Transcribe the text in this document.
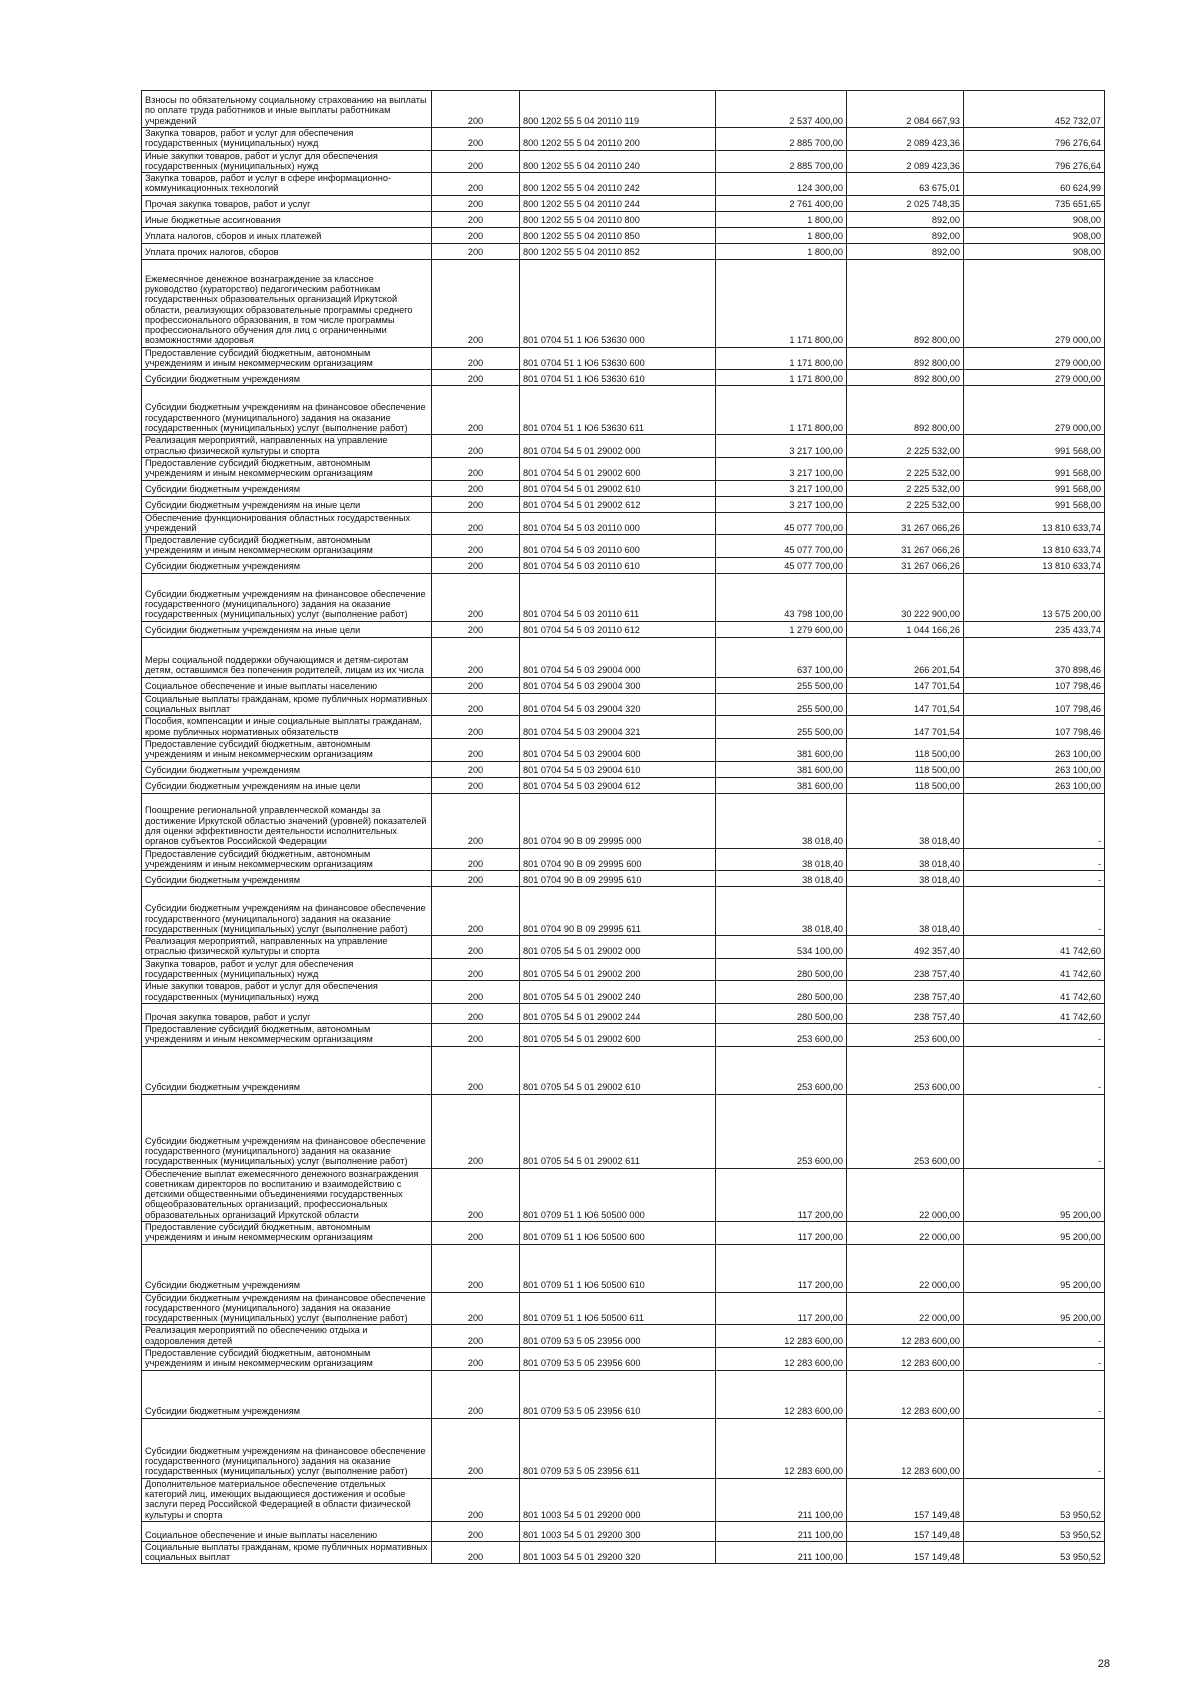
Взносы по обязательному социальному страхованию на выплаты по оплате труда работников и иные выплаты работникам учреждений	200	800 1202 55 5 04 20110 119	2 537 400,00	2 084 667,93	452 732,07
Закупка товаров, работ и услуг для обеспечения государственных (муниципальных) нужд	200	800 1202 55 5 04 20110 200	2 885 700,00	2 089 423,36	796 276,64
Иные закупки товаров, работ и услуг для обеспечения государственных (муниципальных) нужд	200	800 1202 55 5 04 20110 240	2 885 700,00	2 089 423,36	796 276,64
Закупка товаров, работ и услуг в сфере информационно-коммуникационных технологий	200	800 1202 55 5 04 20110 242	124 300,00	63 675,01	60 624,99
Прочая закупка товаров, работ и услуг	200	800 1202 55 5 04 20110 244	2 761 400,00	2 025 748,35	735 651,65
Иные бюджетные ассигнования	200	800 1202 55 5 04 20110 800	1 800,00	892,00	908,00
Уплата налогов, сборов и иных платежей	200	800 1202 55 5 04 20110 850	1 800,00	892,00	908,00
Уплата прочих налогов, сборов	200	800 1202 55 5 04 20110 852	1 800,00	892,00	908,00
Ежемесячное денежное вознаграждение за классное руководство (кураторство) педагогическим работникам государственных образовательных организаций Иркутской области, реализующих образовательные программы среднего профессионального образования, в том числе программы профессионального обучения для лиц с ограниченными возможностями здоровья	200	801 0704 51 1 Ю6 53630 000	1 171 800,00	892 800,00	279 000,00
Предоставление субсидий бюджетным, автономным учреждениям и иным некоммерческим организациям	200	801 0704 51 1 Ю6 53630 600	1 171 800,00	892 800,00	279 000,00
Субсидии бюджетным учреждениям	200	801 0704 51 1 Ю6 53630 610	1 171 800,00	892 800,00	279 000,00
Субсидии бюджетным учреждениям на финансовое обеспечение государственного (муниципального) задания на оказание государственных (муниципальных) услуг (выполнение работ)	200	801 0704 51 1 Ю6 53630 611	1 171 800,00	892 800,00	279 000,00
Реализация мероприятий, направленных на управление отраслью физической культуры и спорта	200	801 0704 54 5 01 29002 000	3 217 100,00	2 225 532,00	991 568,00
Предоставление субсидий бюджетным, автономным учреждениям и иным некоммерческим организациям	200	801 0704 54 5 01 29002 600	3 217 100,00	2 225 532,00	991 568,00
Субсидии бюджетным учреждениям	200	801 0704 54 5 01 29002 610	3 217 100,00	2 225 532,00	991 568,00
Субсидии бюджетным учреждениям на иные цели	200	801 0704 54 5 01 29002 612	3 217 100,00	2 225 532,00	991 568,00
Обеспечение функционирования областных государственных учреждений	200	801 0704 54 5 03 20110 000	45 077 700,00	31 267 066,26	13 810 633,74
Предоставление субсидий бюджетным, автономным учреждениям и иным некоммерческим организациям	200	801 0704 54 5 03 20110 600	45 077 700,00	31 267 066,26	13 810 633,74
Субсидии бюджетным учреждениям	200	801 0704 54 5 03 20110 610	45 077 700,00	31 267 066,26	13 810 633,74
Субсидии бюджетным учреждениям на финансовое обеспечение государственного (муниципального) задания на оказание государственных (муниципальных) услуг (выполнение работ)	200	801 0704 54 5 03 20110 611	43 798 100,00	30 222 900,00	13 575 200,00
Субсидии бюджетным учреждениям на иные цели	200	801 0704 54 5 03 20110 612	1 279 600,00	1 044 166,26	235 433,74
Меры социальной поддержки обучающимся и детям-сиротам детям, оставшимся без попечения родителей, лицам из их числа	200	801 0704 54 5 03 29004 000	637 100,00	266 201,54	370 898,46
Социальное обеспечение и иные выплаты населению	200	801 0704 54 5 03 29004 300	255 500,00	147 701,54	107 798,46
Социальные выплаты гражданам, кроме публичных нормативных социальных выплат	200	801 0704 54 5 03 29004 320	255 500,00	147 701,54	107 798,46
Пособия, компенсации и иные социальные выплаты гражданам, кроме публичных нормативных обязательств	200	801 0704 54 5 03 29004 321	255 500,00	147 701,54	107 798,46
Предоставление субсидий бюджетным, автономным учреждениям и иным некоммерческим организациям	200	801 0704 54 5 03 29004 600	381 600,00	118 500,00	263 100,00
Субсидии бюджетным учреждениям	200	801 0704 54 5 03 29004 610	381 600,00	118 500,00	263 100,00
Субсидии бюджетным учреждениям на иные цели	200	801 0704 54 5 03 29004 612	381 600,00	118 500,00	263 100,00
Поощрение региональной управленческой команды за достижение Иркутской областью значений (уровней) показателей для оценки эффективности деятельности исполнительных органов субъектов Российской Федерации	200	801 0704 90 В 09 29995 000	38 018,40	38 018,40	-
Предоставление субсидий бюджетным, автономным учреждениям и иным некоммерческим организациям	200	801 0704 90 В 09 29995 600	38 018,40	38 018,40	-
Субсидии бюджетным учреждениям	200	801 0704 90 В 09 29995 610	38 018,40	38 018,40	-
Субсидии бюджетным учреждениям на финансовое обеспечение государственного (муниципального) задания на оказание государственных (муниципальных) услуг (выполнение работ)	200	801 0704 90 В 09 29995 611	38 018,40	38 018,40	-
Реализация мероприятий, направленных на управление отраслью физической культуры и спорта	200	801 0705 54 5 01 29002 000	534 100,00	492 357,40	41 742,60
Закупка товаров, работ и услуг для обеспечения государственных (муниципальных) нужд	200	801 0705 54 5 01 29002 200	280 500,00	238 757,40	41 742,60
Иные закупки товаров, работ и услуг для обеспечения государственных (муниципальных) нужд	200	801 0705 54 5 01 29002 240	280 500,00	238 757,40	41 742,60
Прочая закупка товаров, работ и услуг	200	801 0705 54 5 01 29002 244	280 500,00	238 757,40	41 742,60
Предоставление субсидий бюджетным, автономным учреждениям и иным некоммерческим организациям	200	801 0705 54 5 01 29002 600	253 600,00	253 600,00	-
Субсидии бюджетным учреждениям	200	801 0705 54 5 01 29002 610	253 600,00	253 600,00	-
Субсидии бюджетным учреждениям на финансовое обеспечение государственного (муниципального) задания на оказание государственных (муниципальных) услуг (выполнение работ)	200	801 0705 54 5 01 29002 611	253 600,00	253 600,00	-
Обеспечение выплат ежемесячного денежного вознаграждения советникам директоров по воспитанию и взаимодействию с детскими общественными объединениями государственных общеобразовательных организаций, профессиональных образовательных организаций Иркутской области	200	801 0709 51 1 Ю6 50500 000	117 200,00	22 000,00	95 200,00
Предоставление субсидий бюджетным, автономным учреждениям и иным некоммерческим организациям	200	801 0709 51 1 Ю6 50500 600	117 200,00	22 000,00	95 200,00
Субсидии бюджетным учреждениям	200	801 0709 51 1 Ю6 50500 610	117 200,00	22 000,00	95 200,00
Субсидии бюджетным учреждениям на финансовое обеспечение государственного (муниципального) задания на оказание государственных (муниципальных) услуг (выполнение работ)	200	801 0709 51 1 Ю6 50500 611	117 200,00	22 000,00	95 200,00
Реализация мероприятий по обеспечению отдыха и оздоровления детей	200	801 0709 53 5 05 23956 000	12 283 600,00	12 283 600,00	-
Предоставление субсидий бюджетным, автономным учреждениям и иным некоммерческим организациям	200	801 0709 53 5 05 23956 600	12 283 600,00	12 283 600,00	-
Субсидии бюджетным учреждениям	200	801 0709 53 5 05 23956 610	12 283 600,00	12 283 600,00	-
Субсидии бюджетным учреждениям на финансовое обеспечение государственного (муниципального) задания на оказание государственных (муниципальных) услуг (выполнение работ)	200	801 0709 53 5 05 23956 611	12 283 600,00	12 283 600,00	-
Дополнительное материальное обеспечение отдельных категорий лиц, имеющих выдающиеся достижения и особые заслуги перед Российской Федерацией в области физической культуры и спорта	200	801 1003 54 5 01 29200 000	211 100,00	157 149,48	53 950,52
Социальное обеспечение и иные выплаты населению	200	801 1003 54 5 01 29200 300	211 100,00	157 149,48	53 950,52
Социальные выплаты гражданам, кроме публичных нормативных социальных выплат	200	801 1003 54 5 01 29200 320	211 100,00	157 149,48	53 950,52
28
